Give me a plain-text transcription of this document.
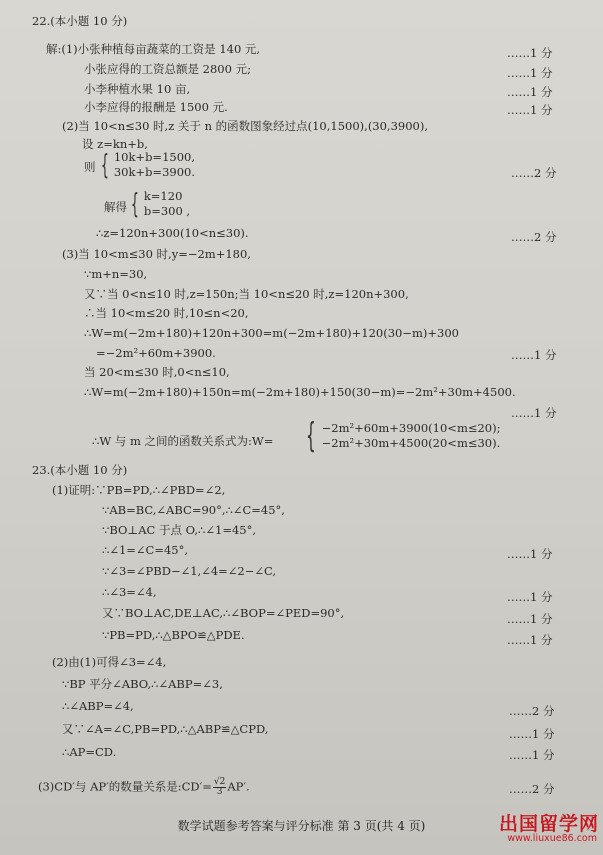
22.(本小题 10 分)
解:(1)小张种植每亩蔬菜的工资是 140 元,	……1 分
小张应得的工资总额是 2800 元;	……1 分
小李种植水果 10 亩,	……1 分
小李应得的报酬是 1500 元.	……1 分
(2)当 10<n≤30 时,z 关于 n 的函数图象经过点(10,1500),(30,3900),
设 z=kn+b,
则 { 10k+b=1500,
30k+b=3900.	……2 分
解得 { k=120
b=300 ,
∴z=120n+300(10<n≤30).	……2 分
(3)当 10<m≤30 时,y=−2m+180,
∵m+n=30,
又∵当 0<n≤10 时,z=150n;当 10<n≤20 时,z=120n+300,
∴当 10<m≤20 时,10≤n<20,
∴W=m(−2m+180)+120n+300=m(−2m+180)+120(30−m)+300
=−2m²+60m+3900.	……1 分
当 20<m≤30 时,0<n≤10,
∴W=m(−2m+180)+150n=m(−2m+180)+150(30−m)=−2m²+30m+4500.
……1 分
∴W 与 m 之间的函数关系式为:W= { −2m²+60m+3900(10<m≤20);
−2m²+30m+4500(20<m≤30).
23.(本小题 10 分)
(1)证明:∵PB=PD,∴∠PBD=∠2,
∵AB=BC,∠ABC=90°,∴∠C=45°,
∵BO⊥AC 于点 O,∴∠1=45°,
∴∠1=∠C=45°,	……1 分
∵∠3=∠PBD−∠1,∠4=∠2−∠C,
∴∠3=∠4,	……1 分
又∵BO⊥AC,DE⊥AC,∴∠BOP=∠PED=90°,	……1 分
∵PB=PD,∴△BPO≌△PDE.	……1 分
(2)由(1)可得∠3=∠4,
∵BP 平分∠ABO,∴∠ABP=∠3,
∴∠ABP=∠4,	……2 分
又∵∠A=∠C,PB=PD,∴△ABP≌△CPD,	……1 分
∴AP=CD.	……1 分
(3)CD′与 AP′的数量关系是:CD′= $\frac{√2}{3} AP'$.	……2 分
数学试题参考答案与评分标准 第 3 页(共 4 页)	出国留学网
www.liuxue86.com
